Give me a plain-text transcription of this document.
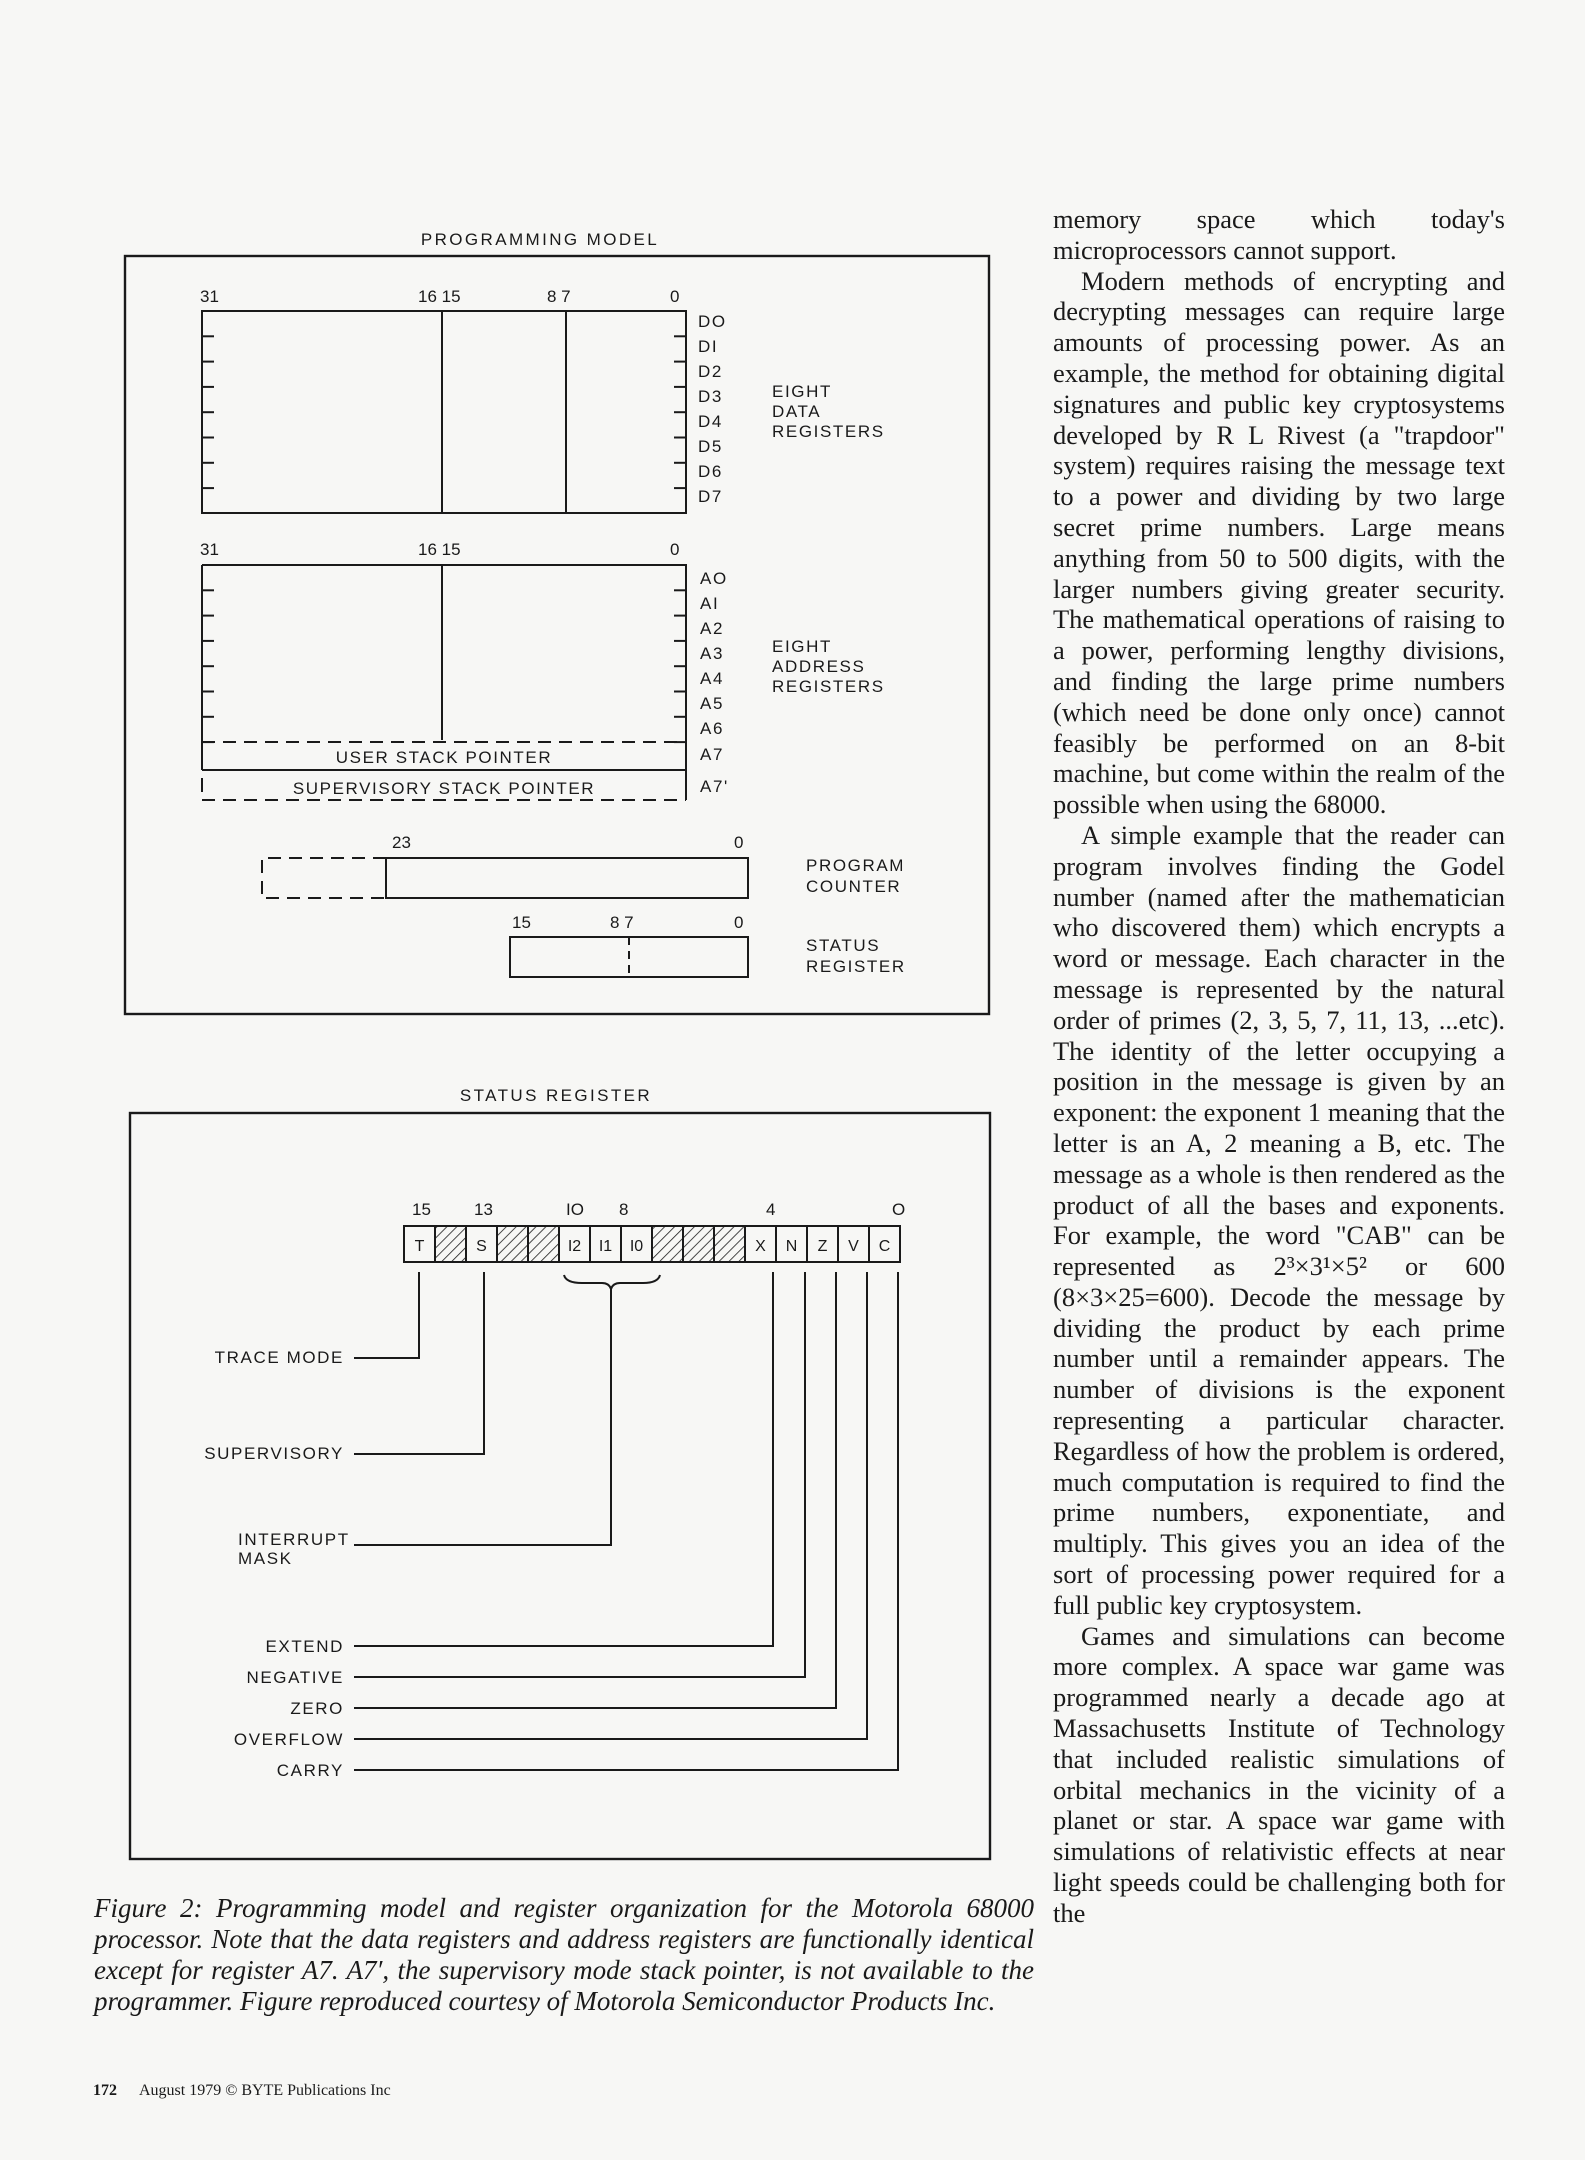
PROGRAMMING MODEL
31	16 15	8 7	0
DO
DI
D2
D3
D4
D5
D6
D7
EIGHT
DATA
REGISTERS
31	16 15	0
USER STACK POINTER
SUPERVISORY STACK POINTER
AO
AI
A2
A3
A4
A5
A6
A7
A7'
EIGHT
ADDRESS
REGISTERS
23	0
PROGRAM
COUNTER
15	8 7	0
STATUS
REGISTER
STATUS REGISTER
15	13	IO 8	4	O
T	S	I2 I1 I0	X N Z V C
TRACE MODE
SUPERVISORY
INTERRUPT
MASK
EXTEND
NEGATIVE
ZERO
OVERFLOW
CARRY

Figure 2: Programming model and register organization for the Motorola 68000 processor. Note that the data registers and address registers are functionally identical except for register A7. A7′, the supervisory mode stack pointer, is not available to the programmer. Figure reproduced courtesy of Motorola Semiconductor Products Inc.

memory space which today's microprocessors cannot support.

Modern methods of encrypting and decrypting messages can require large amounts of processing power. As an example, the method for obtaining digital signatures and public key cryptosystems developed by R L Rivest (a "trapdoor" system) requires raising the message text to a power and dividing by two large secret prime numbers. Large means anything from 50 to 500 digits, with the larger numbers giving greater security. The mathematical operations of raising to a power, performing lengthy divisions, and finding the large prime numbers (which need be done only once) cannot feasibly be performed on an 8-bit machine, but come within the realm of the possible when using the 68000.

A simple example that the reader can program involves finding the Godel number (named after the mathematician who discovered them) which encrypts a word or message. Each character in the message is represented by the natural order of primes (2, 3, 5, 7, 11, 13, ...etc). The identity of the letter occupying a position in the message is given by an exponent: the exponent 1 meaning that the letter is an A, 2 meaning a B, etc. The message as a whole is then rendered as the product of all the bases and exponents. For example, the word "CAB" can be represented as 2³×3¹×5² or 600 (8×3×25=600). Decode the message by dividing the product by each prime number until a remainder appears. The number of divisions is the exponent representing a particular character. Regardless of how the problem is ordered, much computation is required to find the prime numbers, exponentiate, and multiply. This gives you an idea of the sort of processing power required for a full public key cryptosystem.

Games and simulations can become more complex. A space war game was programmed nearly a decade ago at Massachusetts Institute of Technology that included realistic simulations of orbital mechanics in the vicinity of a planet or star. A space war game with simulations of relativistic effects at near light speeds could be challenging both for the

172 August 1979 © BYTE Publications Inc
